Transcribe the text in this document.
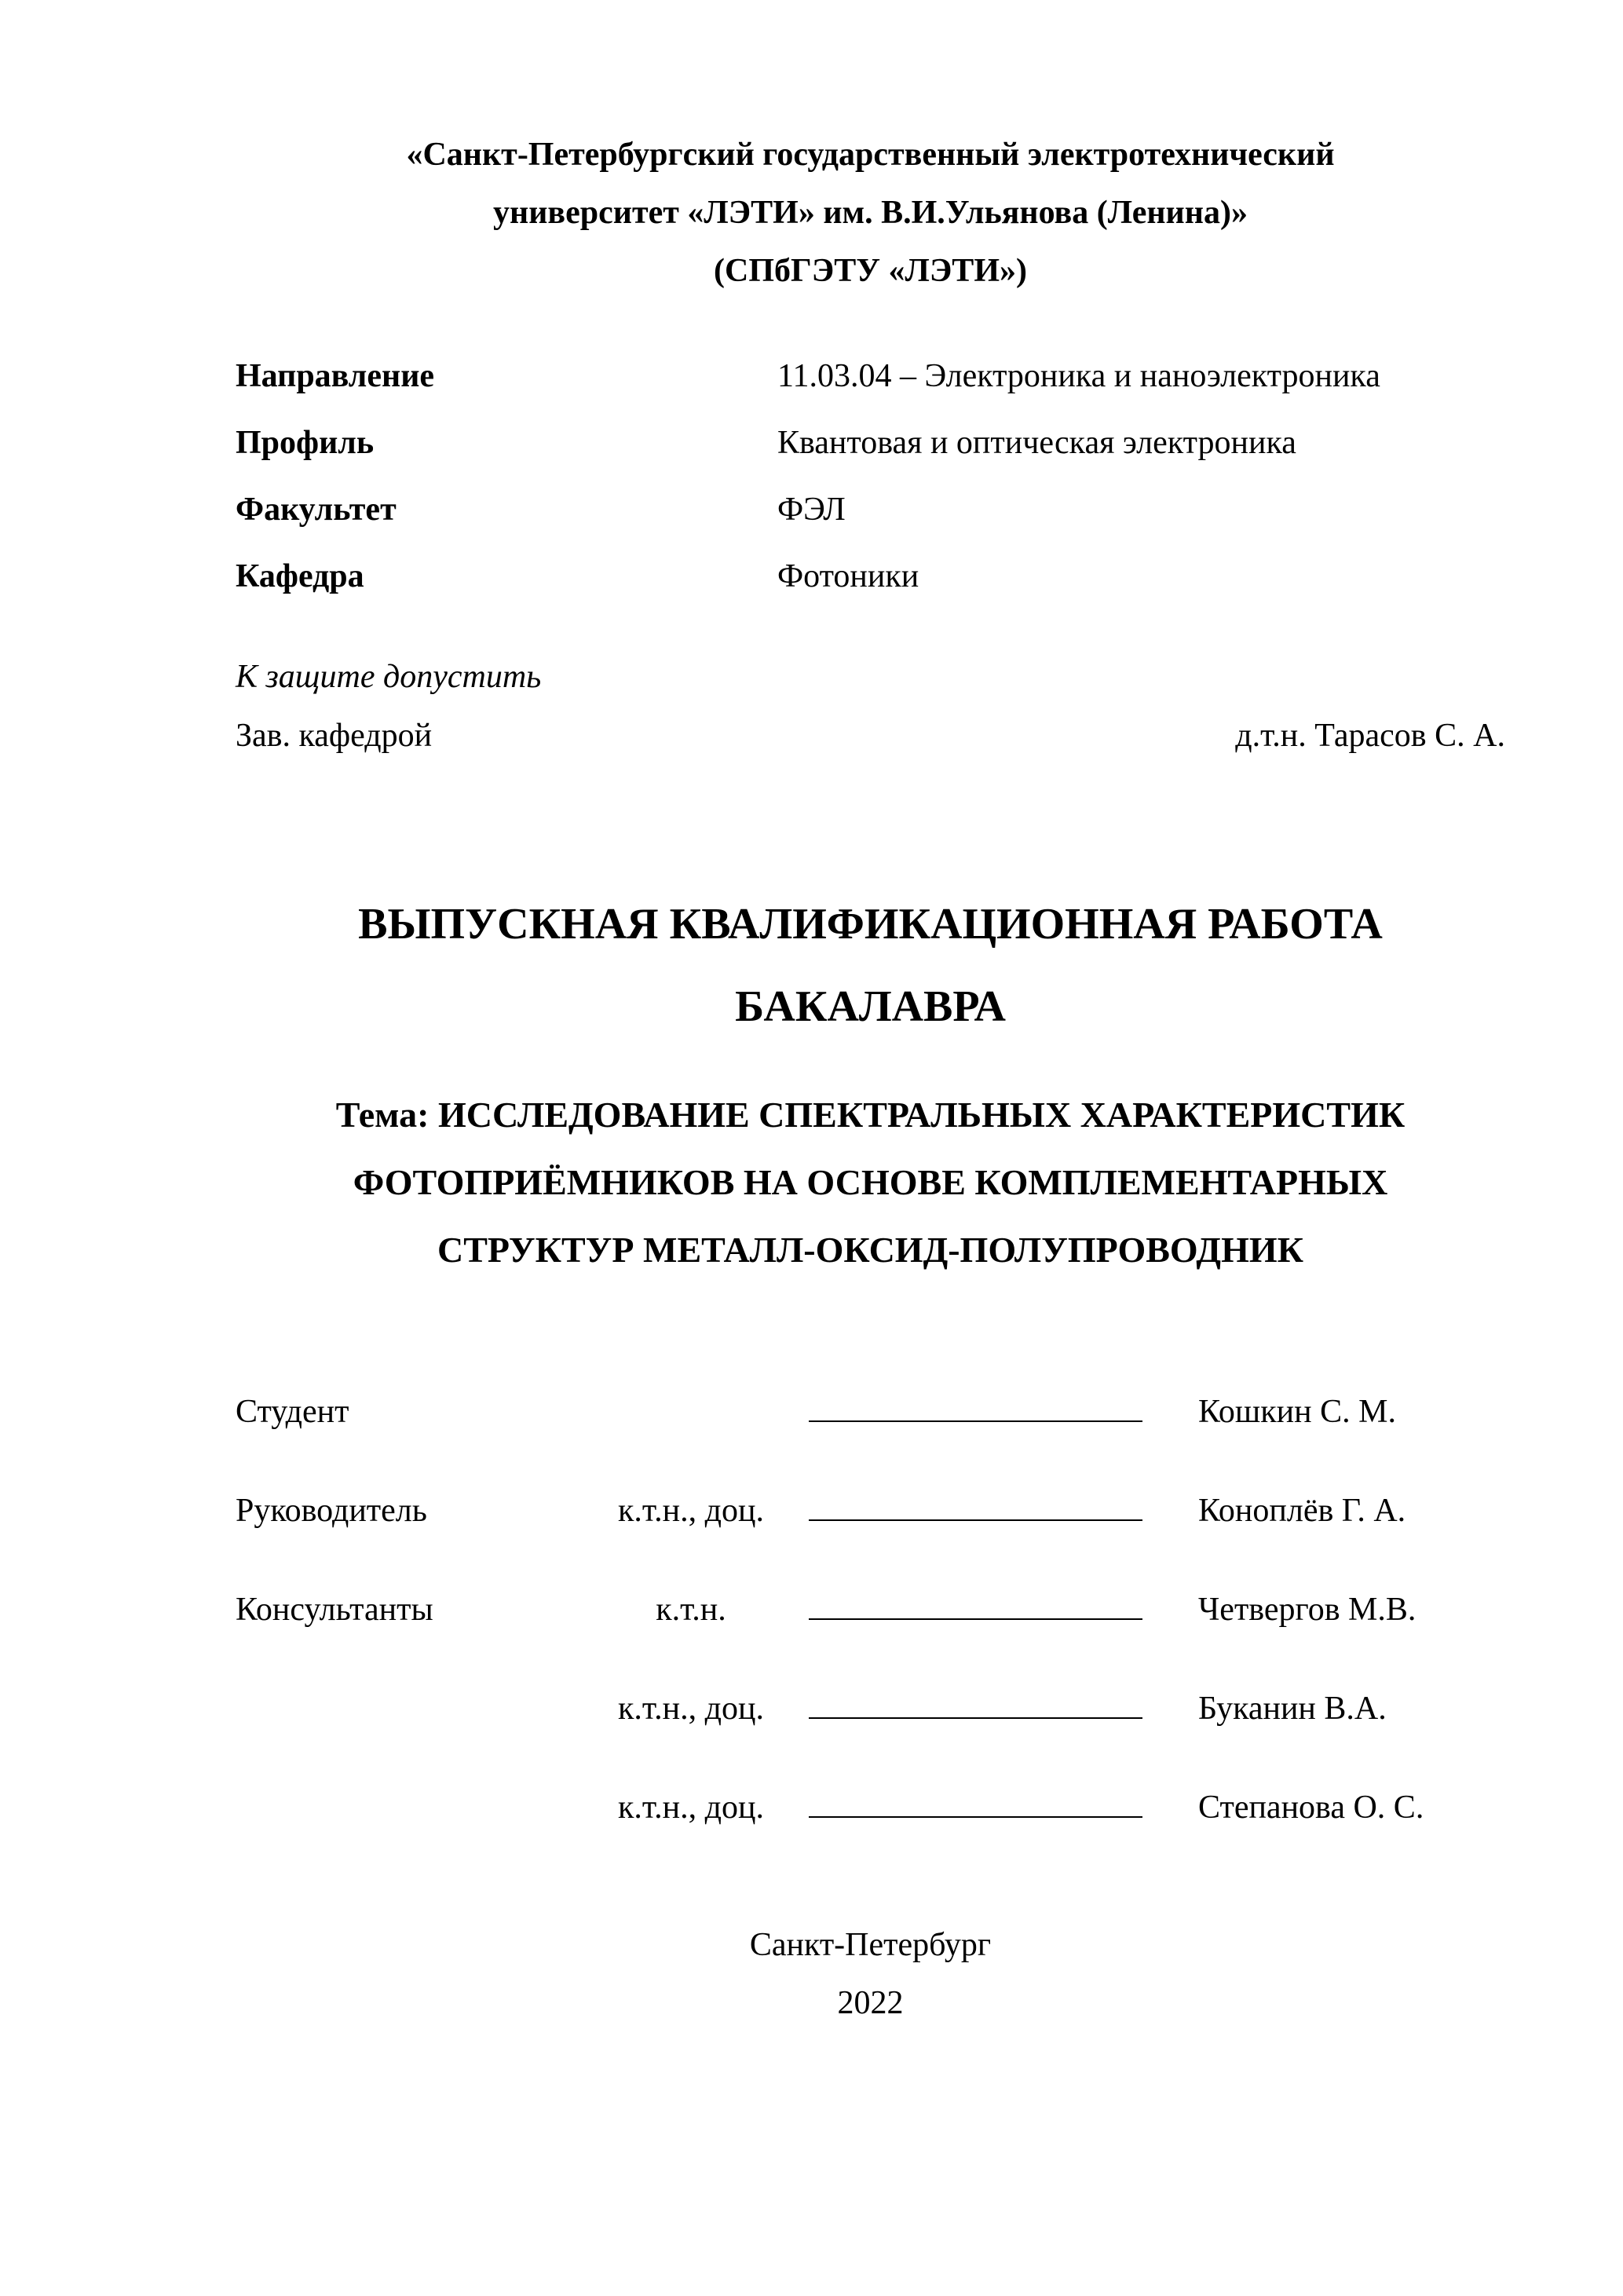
«Санкт-Петербургский государственный электротехнический
университет «ЛЭТИ» им. В.И.Ульянова (Ленина)»
(СПбГЭТУ «ЛЭТИ»)
Направление	11.03.04 – Электроника и наноэлектроника
Профиль	Квантовая и оптическая электроника
Факультет	ФЭЛ
Кафедра	Фотоники
К защите допустить
Зав. кафедрой	д.т.н. Тарасов С. А.
ВЫПУСКНАЯ КВАЛИФИКАЦИОННАЯ РАБОТА
БАКАЛАВРА
Тема: ИССЛЕДОВАНИЕ СПЕКТРАЛЬНЫХ ХАРАКТЕРИСТИК
ФОТОПРИЁМНИКОВ НА ОСНОВЕ КОМПЛЕМЕНТАРНЫХ
СТРУКТУР МЕТАЛЛ-ОКСИД-ПОЛУПРОВОДНИК
Студент	Кошкин С. М.
Руководитель	к.т.н., доц.	Коноплёв Г. А.
Консультанты	к.т.н.	Четвергов М.В.
к.т.н., доц.	Буканин В.А.
к.т.н., доц.	Степанова О. С.
Санкт-Петербург
2022
